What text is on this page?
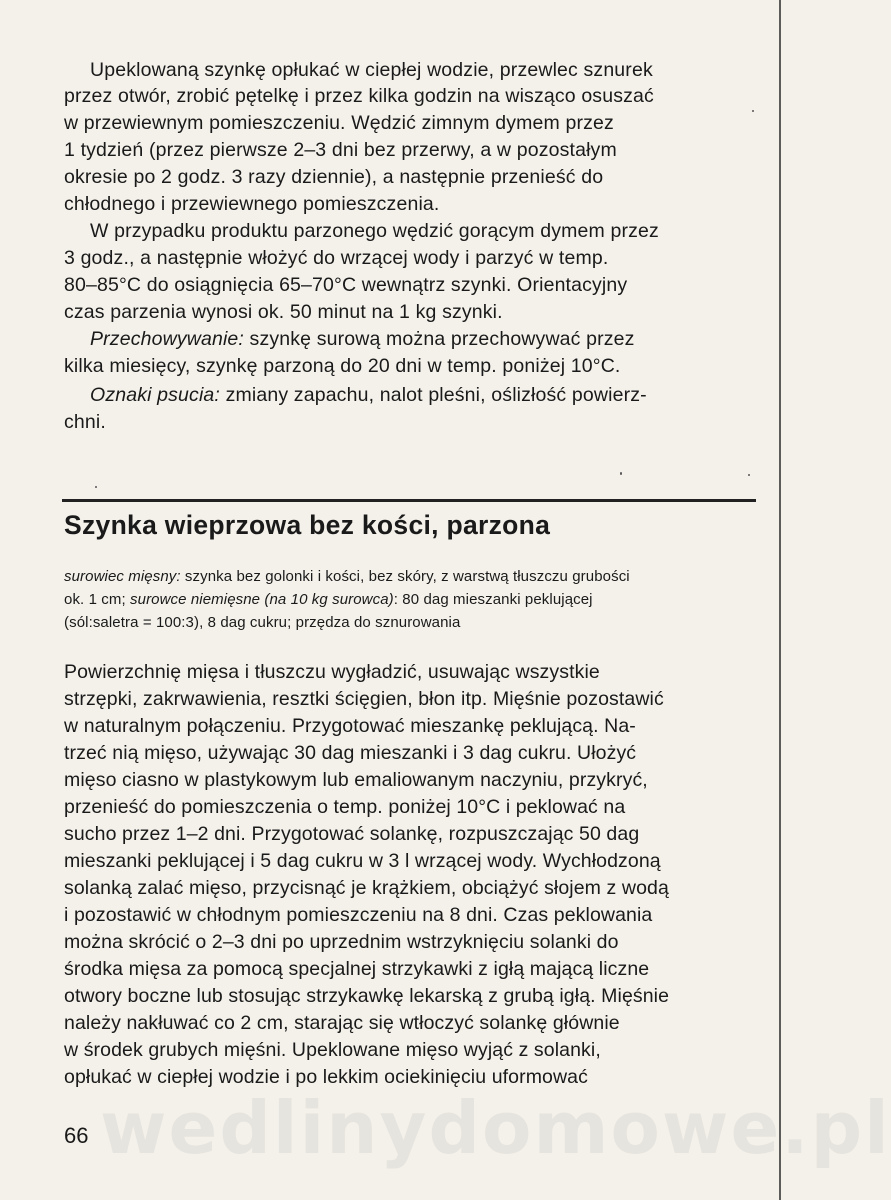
Upeklowaną szynkę opłukać w ciepłej wodzie, przewlec sznurek
przez otwór, zrobić pętelkę i przez kilka godzin na wisząco osuszać
w przewiewnym pomieszczeniu. Wędzić zimnym dymem przez
1 tydzień (przez pierwsze 2–3 dni bez przerwy, a w pozostałym
okresie po 2 godz. 3 razy dziennie), a następnie przenieść do
chłodnego i przewiewnego pomieszczenia.
W przypadku produktu parzonego wędzić gorącym dymem przez
3 godz., a następnie włożyć do wrzącej wody i parzyć w temp.
80–85°C do osiągnięcia 65–70°C wewnątrz szynki. Orientacyjny
czas parzenia wynosi ok. 50 minut na 1 kg szynki.
Przechowywanie: szynkę surową można przechowywać przez
kilka miesięcy, szynkę parzoną do 20 dni w temp. poniżej 10°C.
Oznaki psucia: zmiany zapachu, nalot pleśni, oślizłość powierz-
chni.
Szynka wieprzowa bez kości, parzona
surowiec mięsny: szynka bez golonki i kości, bez skóry, z warstwą tłuszczu grubości
ok. 1 cm; surowce niemięsne (na 10 kg surowca): 80 dag mieszanki peklującej
(sól:saletra = 100:3), 8 dag cukru; przędza do sznurowania
Powierzchnię mięsa i tłuszczu wygładzić, usuwając wszystkie
strzępki, zakrwawienia, resztki ścięgien, błon itp. Mięśnie pozostawić
w naturalnym połączeniu. Przygotować mieszankę peklującą. Na-
trzeć nią mięso, używając 30 dag mieszanki i 3 dag cukru. Ułożyć
mięso ciasno w plastykowym lub emaliowanym naczyniu, przykryć,
przenieść do pomieszczenia o temp. poniżej 10°C i peklować na
sucho przez 1–2 dni. Przygotować solankę, rozpuszczając 50 dag
mieszanki peklującej i 5 dag cukru w 3 l wrzącej wody. Wychłodzoną
solanką zalać mięso, przycisnąć je krążkiem, obciążyć słojem z wodą
i pozostawić w chłodnym pomieszczeniu na 8 dni. Czas peklowania
można skrócić o 2–3 dni po uprzednim wstrzyknięciu solanki do
środka mięsa za pomocą specjalnej strzykawki z igłą mającą liczne
otwory boczne lub stosując strzykawkę lekarską z grubą igłą. Mięśnie
należy nakłuwać co 2 cm, starając się wtłoczyć solankę głównie
w środek grubych mięśni. Upeklowane mięso wyjąć z solanki,
opłukać w ciepłej wodzie i po lekkim ociekinięciu uformować
wedlinydomowe.pl
66
